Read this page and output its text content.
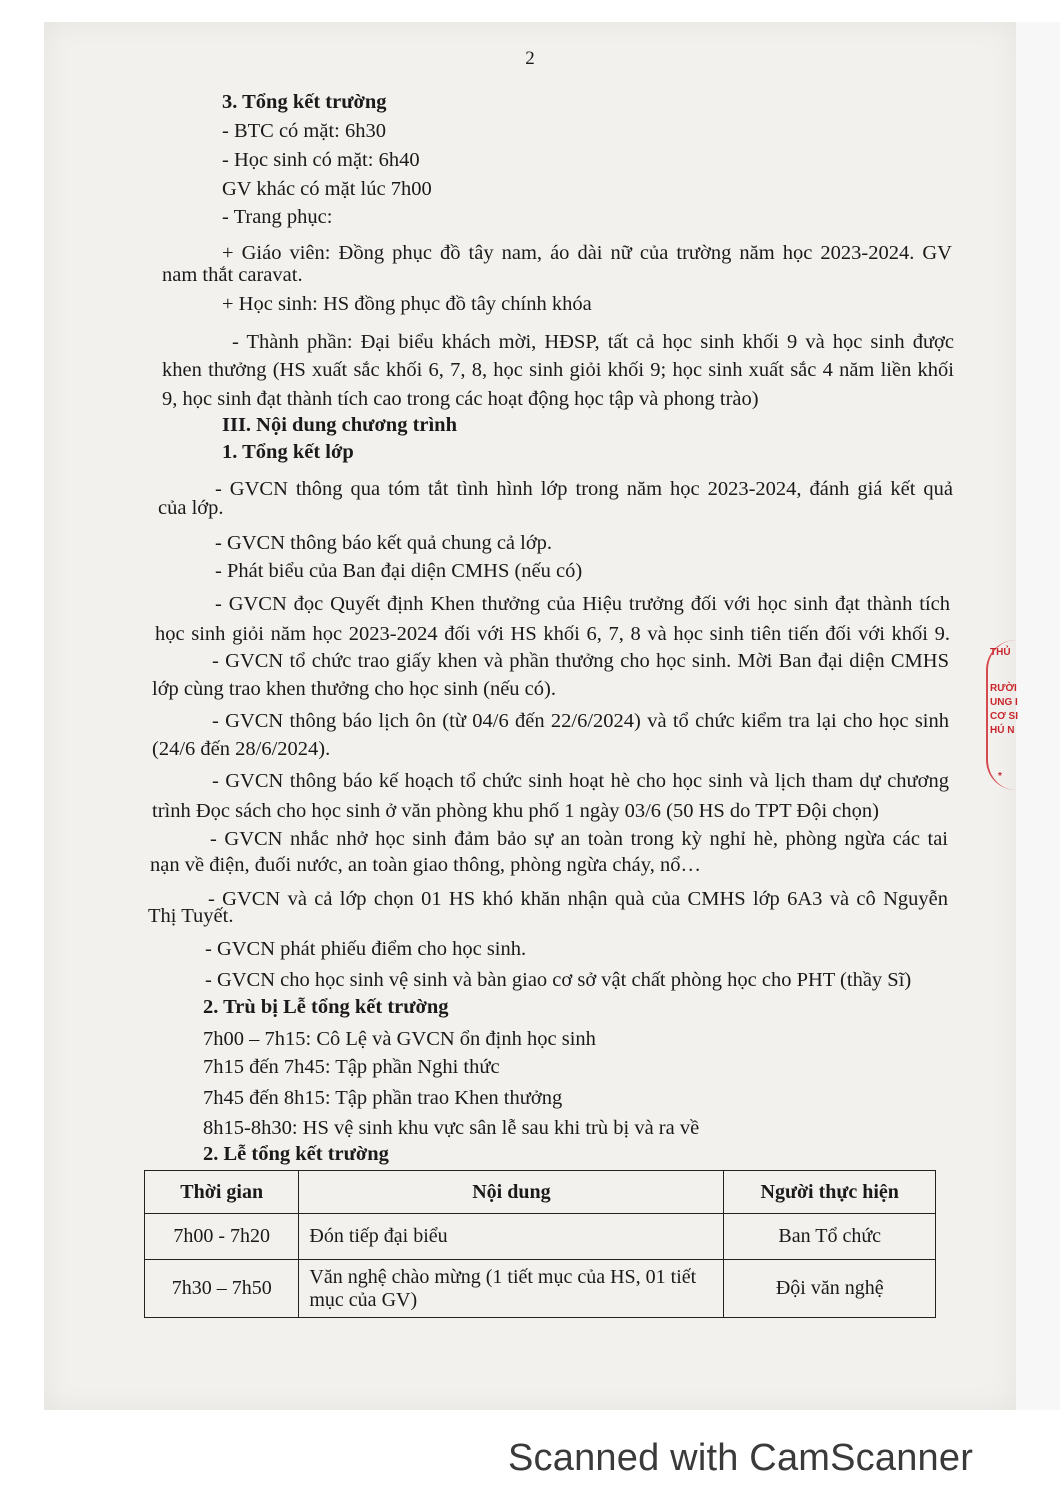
2
3. Tổng kết trường
- BTC có mặt: 6h30
- Học sinh có mặt: 6h40
GV khác có mặt lúc 7h00
- Trang phục:
+ Giáo viên: Đồng phục đồ tây nam, áo dài nữ của trường năm học 2023-2024. GV
nam thắt caravat.
+ Học sinh: HS đồng phục đồ tây chính khóa
- Thành phần: Đại biểu khách mời, HĐSP, tất cả học sinh khối 9 và học sinh được
khen thưởng (HS xuất sắc khối 6, 7, 8, học sinh giỏi khối 9; học sinh xuất sắc 4 năm liền khối
9, học sinh đạt thành tích cao trong các hoạt động học tập và phong trào)
III. Nội dung chương trình
1. Tổng kết lớp
- GVCN thông qua tóm tắt tình hình lớp trong năm học 2023-2024, đánh giá kết quả
của lớp.
- GVCN thông báo kết quả chung cả lớp.
- Phát biểu của Ban đại diện CMHS (nếu có)
- GVCN đọc Quyết định Khen thưởng của Hiệu trưởng đối với học sinh đạt thành tích
học sinh giỏi năm học 2023-2024 đối với HS khối 6, 7, 8 và học sinh tiên tiến đối với khối 9.
- GVCN tổ chức trao giấy khen và phần thưởng cho học sinh. Mời Ban đại diện CMHS
lớp cùng trao khen thưởng cho học sinh (nếu có).
- GVCN thông báo lịch ôn (từ 04/6 đến 22/6/2024) và tổ chức kiểm tra lại cho học sinh
(24/6 đến 28/6/2024).
- GVCN thông báo kế hoạch tổ chức sinh hoạt hè cho học sinh và lịch tham dự chương
trình Đọc sách cho học sinh ở văn phòng khu phố 1 ngày 03/6 (50 HS do TPT Đội chọn)
- GVCN nhắc nhở học sinh đảm bảo sự an toàn trong kỳ nghỉ hè, phòng ngừa các tai
nạn về điện, đuối nước, an toàn giao thông, phòng ngừa cháy, nổ…
- GVCN và cả lớp chọn 01 HS khó khăn nhận quà của CMHS lớp 6A3 và cô Nguyễn
Thị Tuyết.
- GVCN phát phiếu điểm cho học sinh.
- GVCN cho học sinh vệ sinh và bàn giao cơ sở vật chất phòng học cho PHT (thầy Sĩ)
2. Trù bị Lễ tổng kết trường
7h00 – 7h15: Cô Lệ và GVCN ổn định học sinh
7h15 đến 7h45: Tập phần Nghi thức
7h45 đến 8h15: Tập phần trao Khen thưởng
8h15-8h30: HS vệ sinh khu vực sân lễ sau khi trù bị và ra về
2. Lễ tổng kết trường
Thời gian	Nội dung	Người thực hiện
7h00 - 7h20	Đón tiếp đại biểu	Ban Tổ chức
7h30 – 7h50	Văn nghệ chào mừng (1 tiết mục của HS, 01 tiết mục của GV)	Đội văn nghệ
THỦ
RƯỜI
UNG I
CƠ SI
HÚ N
*
Scanned with CamScanner
